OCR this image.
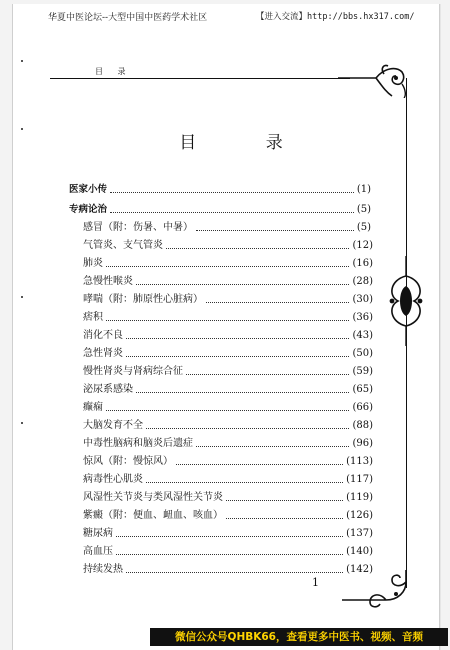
华夏中医论坛--大型中国中医药学术社区	【进入交流】http://bbs.hx317.com/
目 录
目 录
医家小传	(1)
专病论治	(5)
感冒（附：伤暑、中暑）	(5)
气管炎、支气管炎	(12)
肺炎	(16)
急慢性喉炎	(28)
哮喘（附：肺原性心脏病）	(30)
痞积	(36)
消化不良	(43)
急性肾炎	(50)
慢性肾炎与肾病综合征	(59)
泌尿系感染	(65)
癫痫	(66)
大脑发育不全	(88)
中毒性脑病和脑炎后遗症	(96)
惊风（附：慢惊风）	(113)
病毒性心肌炎	(117)
风湿性关节炎与类风湿性关节炎	(119)
紫癜（附：便血、衄血、咳血）	(126)
糖尿病	(137)
高血压	(140)
持续发热	(142)
1
微信公众号QHBK66，查看更多中医书、视频、音频
